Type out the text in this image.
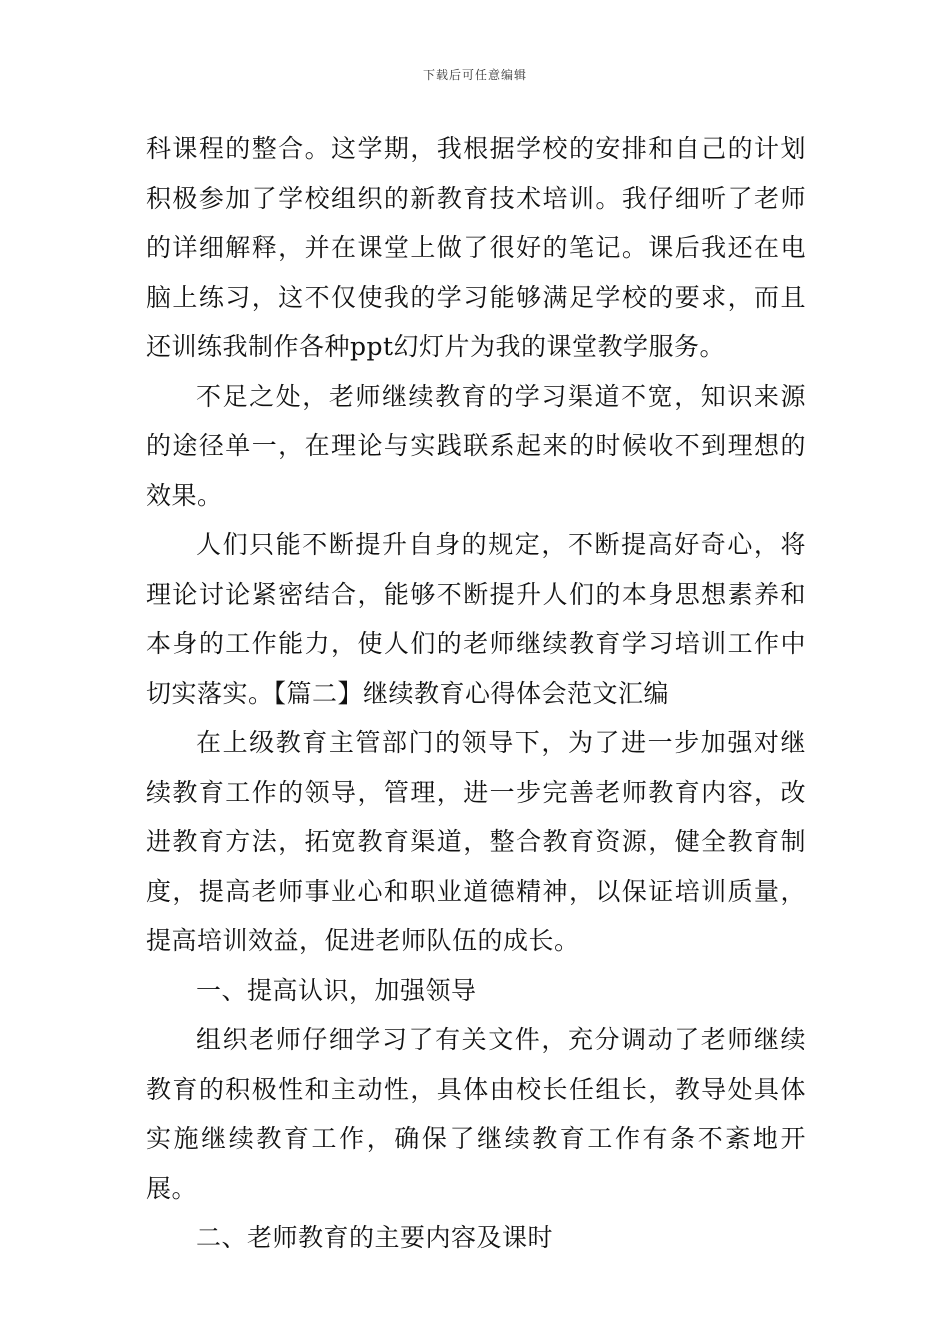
下载后可任意编辑

科课程的整合。这学期，我根据学校的安排和自己的计划积极参加了学校组织的新教育技术培训。我仔细听了老师的详细解释，并在课堂上做了很好的笔记。课后我还在电脑上练习，这不仅使我的学习能够满足学校的要求，而且还训练我制作各种ppt幻灯片为我的课堂教学服务。

不足之处，老师继续教育的学习渠道不宽，知识来源的途径单一，在理论与实践联系起来的时候收不到理想的效果。

人们只能不断提升自身的规定，不断提高好奇心，将理论讨论紧密结合，能够不断提升人们的本身思想素养和本身的工作能力，使人们的老师继续教育学习培训工作中切实落实。【篇二】继续教育心得体会范文汇编

在上级教育主管部门的领导下，为了进一步加强对继续教育工作的领导，管理，进一步完善老师教育内容，改进教育方法，拓宽教育渠道，整合教育资源，健全教育制度，提高老师事业心和职业道德精神，以保证培训质量，提高培训效益，促进老师队伍的成长。

一、提高认识，加强领导

组织老师仔细学习了有关文件，充分调动了老师继续教育的积极性和主动性，具体由校长任组长，教导处具体实施继续教育工作，确保了继续教育工作有条不紊地开展。

二、老师教育的主要内容及课时
